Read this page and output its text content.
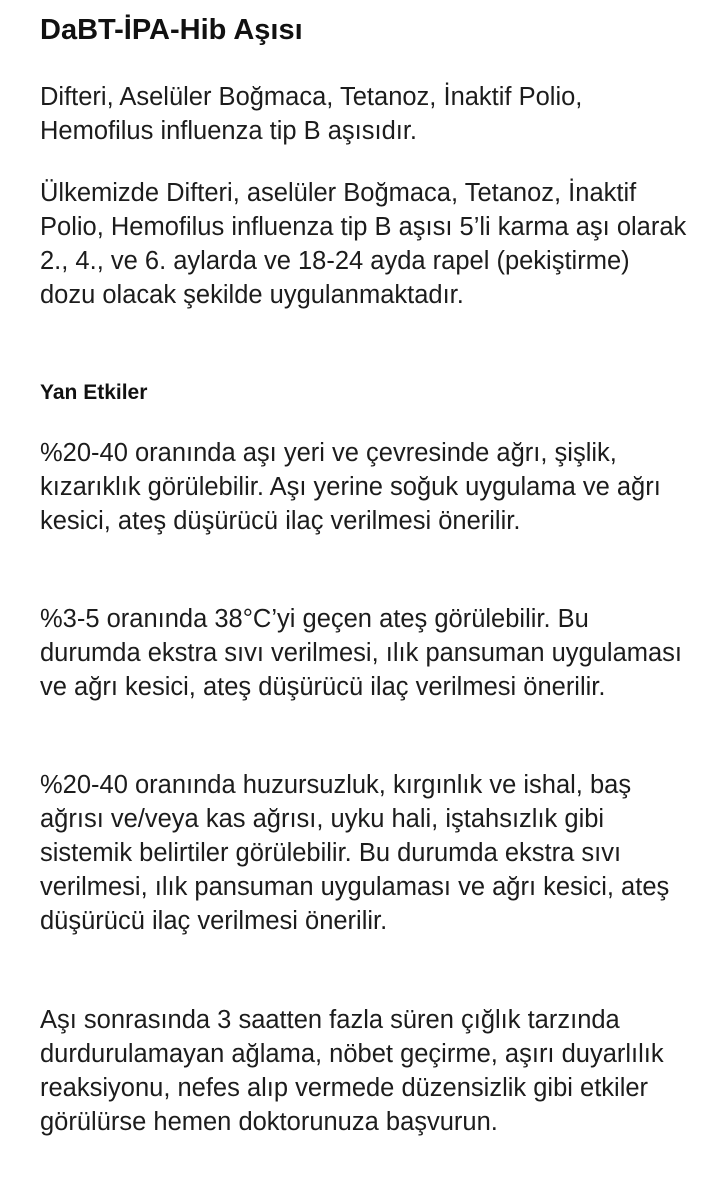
DaBT-İPA-Hib Aşısı

Difteri, Aselüler Boğmaca, Tetanoz, İnaktif Polio, Hemofilus influenza tip B aşısıdır.

Ülkemizde Difteri, aselüler Boğmaca, Tetanoz, İnaktif Polio, Hemofilus influenza tip B aşısı 5’li karma aşı olarak 2., 4., ve 6. aylarda ve 18-24 ayda rapel (pekiştirme) dozu olacak şekilde uygulanmaktadır.

Yan Etkiler

%20-40 oranında aşı yeri ve çevresinde ağrı, şişlik, kızarıklık görülebilir. Aşı yerine soğuk uygulama ve ağrı kesici, ateş düşürücü ilaç verilmesi önerilir.

%3-5 oranında 38°C’yi geçen ateş görülebilir. Bu durumda ekstra sıvı verilmesi, ılık pansuman uygulaması ve ağrı kesici, ateş düşürücü ilaç verilmesi önerilir.

%20-40 oranında huzursuzluk, kırgınlık ve ishal, baş ağrısı ve/veya kas ağrısı, uyku hali, iştahsızlık gibi sistemik belirtiler görülebilir. Bu durumda ekstra sıvı verilmesi, ılık pansuman uygulaması ve ağrı kesici, ateş düşürücü ilaç verilmesi önerilir.

Aşı sonrasında 3 saatten fazla süren çığlık tarzında durdurulamayan ağlama, nöbet geçirme, aşırı duyarlılık reaksiyonu, nefes alıp vermede düzensizlik gibi etkiler görülürse hemen doktorunuza başvurun.
